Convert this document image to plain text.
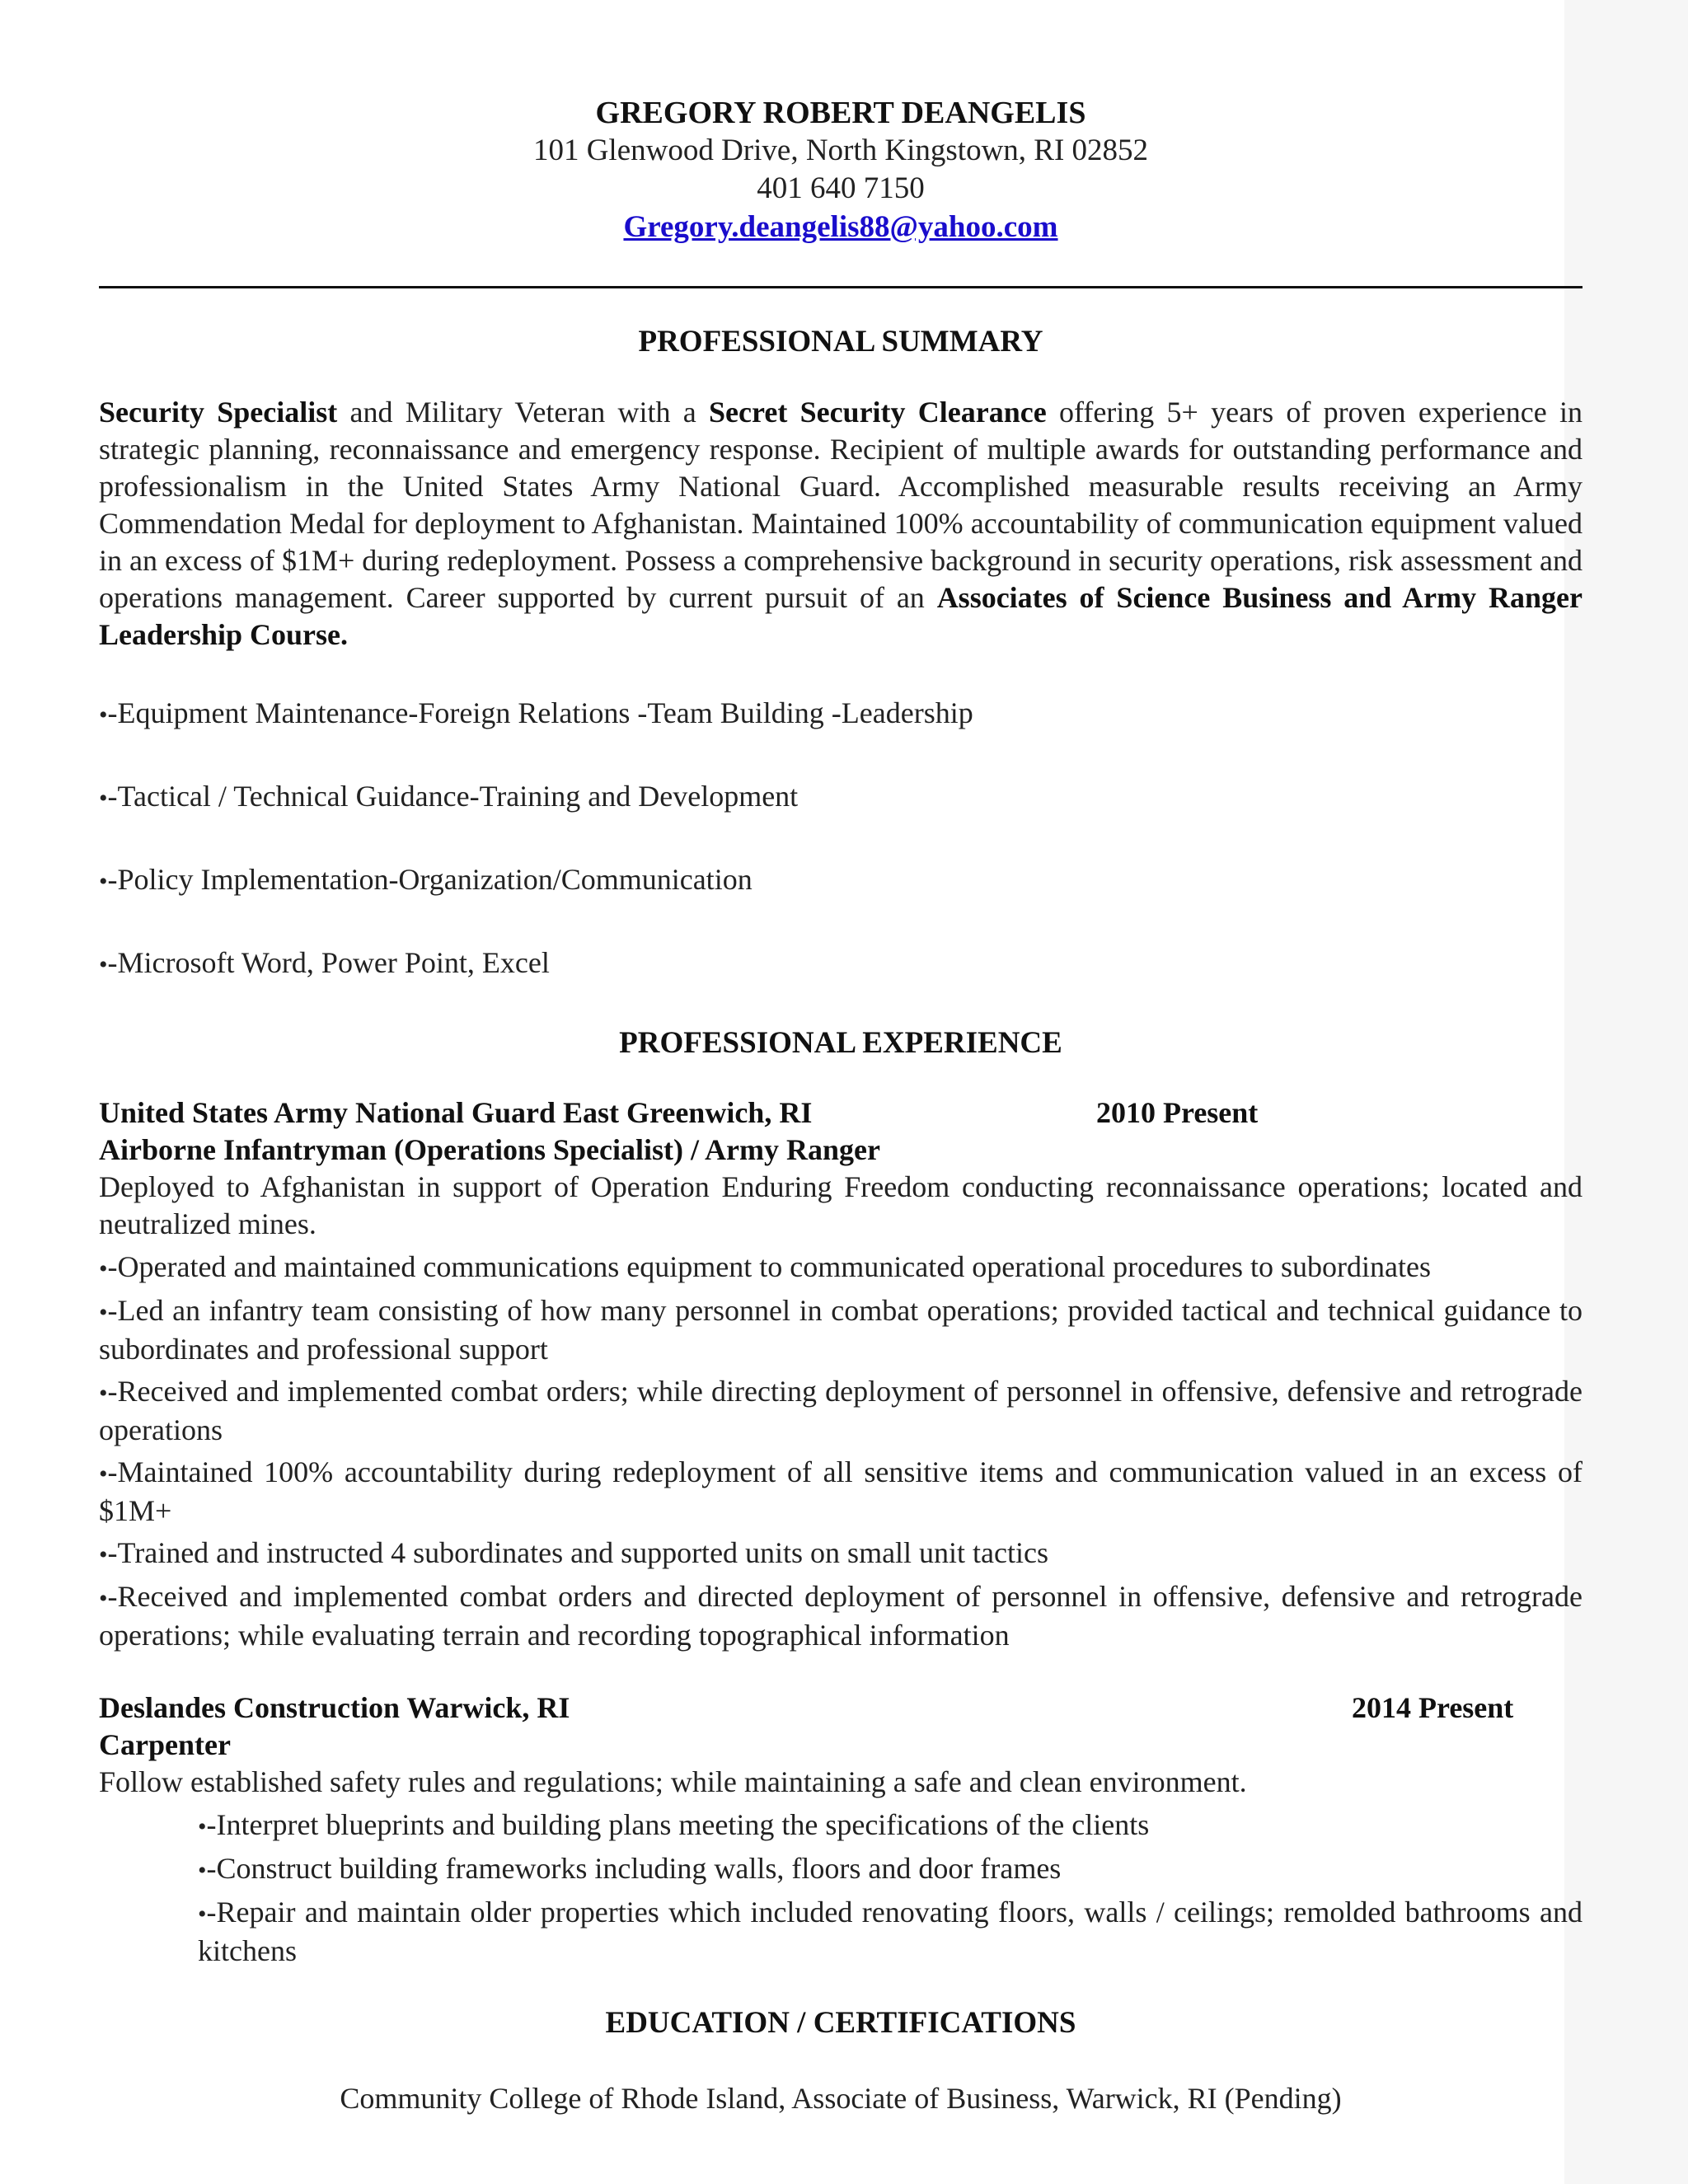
GREGORY ROBERT DEANGELIS
101 Glenwood Drive, North Kingstown, RI 02852
401 640 7150
Gregory.deangelis88@yahoo.com
PROFESSIONAL SUMMARY
Security Specialist and Military Veteran with a Secret Security Clearance offering 5+ years of proven experience in strategic planning, reconnaissance and emergency response. Recipient of multiple awards for outstanding performance and professionalism in the United States Army National Guard. Accomplished measurable results receiving an Army Commendation Medal for deployment to Afghanistan. Maintained 100% accountability of communication equipment valued in an excess of $1M+ during redeployment. Possess a comprehensive background in security operations, risk assessment and operations management. Career supported by current pursuit of an Associates of Science Business and Army Ranger Leadership Course.
•-Equipment Maintenance-Foreign Relations -Team Building -Leadership
•-Tactical / Technical Guidance-Training and Development
•-Policy Implementation-Organization/Communication
•-Microsoft Word, Power Point, Excel
PROFESSIONAL EXPERIENCE
United States Army National Guard East Greenwich, RI	2010 Present
Airborne Infantryman (Operations Specialist) / Army Ranger
Deployed to Afghanistan in support of Operation Enduring Freedom conducting reconnaissance operations; located and neutralized mines.
•-Operated and maintained communications equipment to communicated operational procedures to subordinates
•-Led an infantry team consisting of how many personnel in combat operations; provided tactical and technical guidance to subordinates and professional support
•-Received and implemented combat orders; while directing deployment of personnel in offensive, defensive and retrograde operations
•-Maintained 100% accountability during redeployment of all sensitive items and communication valued in an excess of $1M+
•-Trained and instructed 4 subordinates and supported units on small unit tactics
•-Received and implemented combat orders and directed deployment of personnel in offensive, defensive and retrograde operations; while evaluating terrain and recording topographical information
Deslandes Construction Warwick, RI	2014 Present
Carpenter
Follow established safety rules and regulations; while maintaining a safe and clean environment.
•-Interpret blueprints and building plans meeting the specifications of the clients
•-Construct building frameworks including walls, floors and door frames
•-Repair and maintain older properties which included renovating floors, walls / ceilings; remolded bathrooms and kitchens
EDUCATION / CERTIFICATIONS
Community College of Rhode Island, Associate of Business, Warwick, RI (Pending)
